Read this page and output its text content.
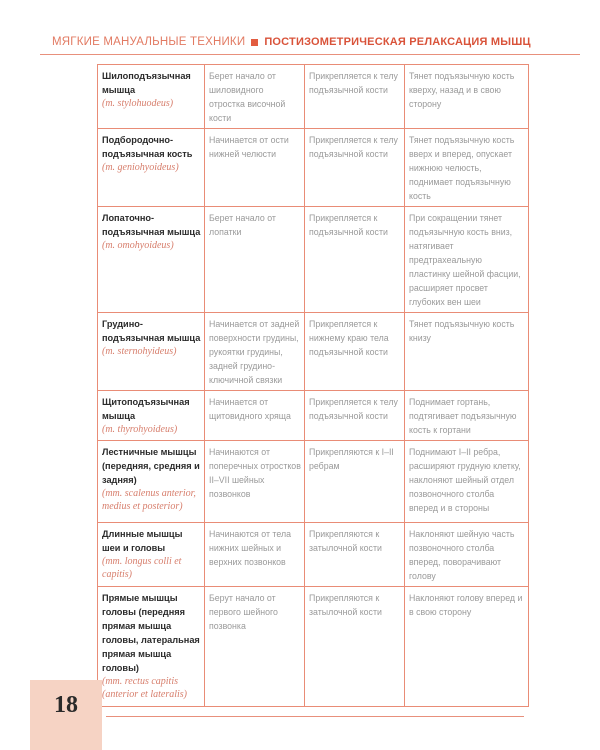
МЯГКИЕ МАНУАЛЬНЫЕ ТЕХНИКИ ПОСТИЗОМЕТРИЧЕСКАЯ РЕЛАКСАЦИЯ МЫШЦ
Шилоподъязычная мышца
(m. stylohuodeus)	Берет начало от шиловидного отростка височной кости	Прикрепляется к телу подъязычной кости	Тянет подъязычную кость кверху, назад и в свою сторону

Подбородочно-подъязычная кость
(m. geniohyoideus)	Начинается от ости нижней челюсти	Прикрепляется к телу подъязычной кости	Тянет подъязычную кость вверх и вперед, опускает нижнюю челюсть, поднимает подъязычную кость

Лопаточно-подъязычная мышца
(m. omohyoideus)	Берет начало от лопатки	Прикрепляется к подъязычной кости	При сокращении тянет подъязычную кость вниз, натягивает предтрахеальную пластинку шейной фасции, расширяет просвет глубоких вен шеи

Грудино-подъязычная мышца
(m. sternohyideus)	Начинается от задней поверхности грудины, рукоятки грудины, задней грудино-ключичной связки	Прикрепляется к нижнему краю тела подъязычной кости	Тянет подъязычную кость книзу

Щитоподъязычная мышца
(m. thyrohyoideus)	Начинается от щитовидного хряща	Прикрепляется к телу подъязычной кости	Поднимает гортань, подтягивает подъязычную кость к гортани

Лестничные мышцы (передняя, средняя и задняя)
(mm. scalenus anterior, medius et posterior)	Начинаются от поперечных отростков II–VII шейных позвонков	Прикрепляются к I–II ребрам	Поднимают I–II ребра, расширяют грудную клетку, наклоняют шейный отдел позвоночного столба вперед и в стороны

Длинные мышцы шеи и головы
(mm. longus colli et capitis)	Начинаются от тела нижних шейных и верхних позвонков	Прикрепляются к затылочной кости	Наклоняют шейную часть позвоночного столба вперед, поворачивают голову

Прямые мышцы головы (передняя прямая мышца головы, латеральная прямая мышца головы)
(mm. rectus capitis (anterior et lateralis)	Берут начало от первого шейного позвонка	Прикрепляются к затылочной кости	Наклоняют голову вперед и в свою сторону
18
